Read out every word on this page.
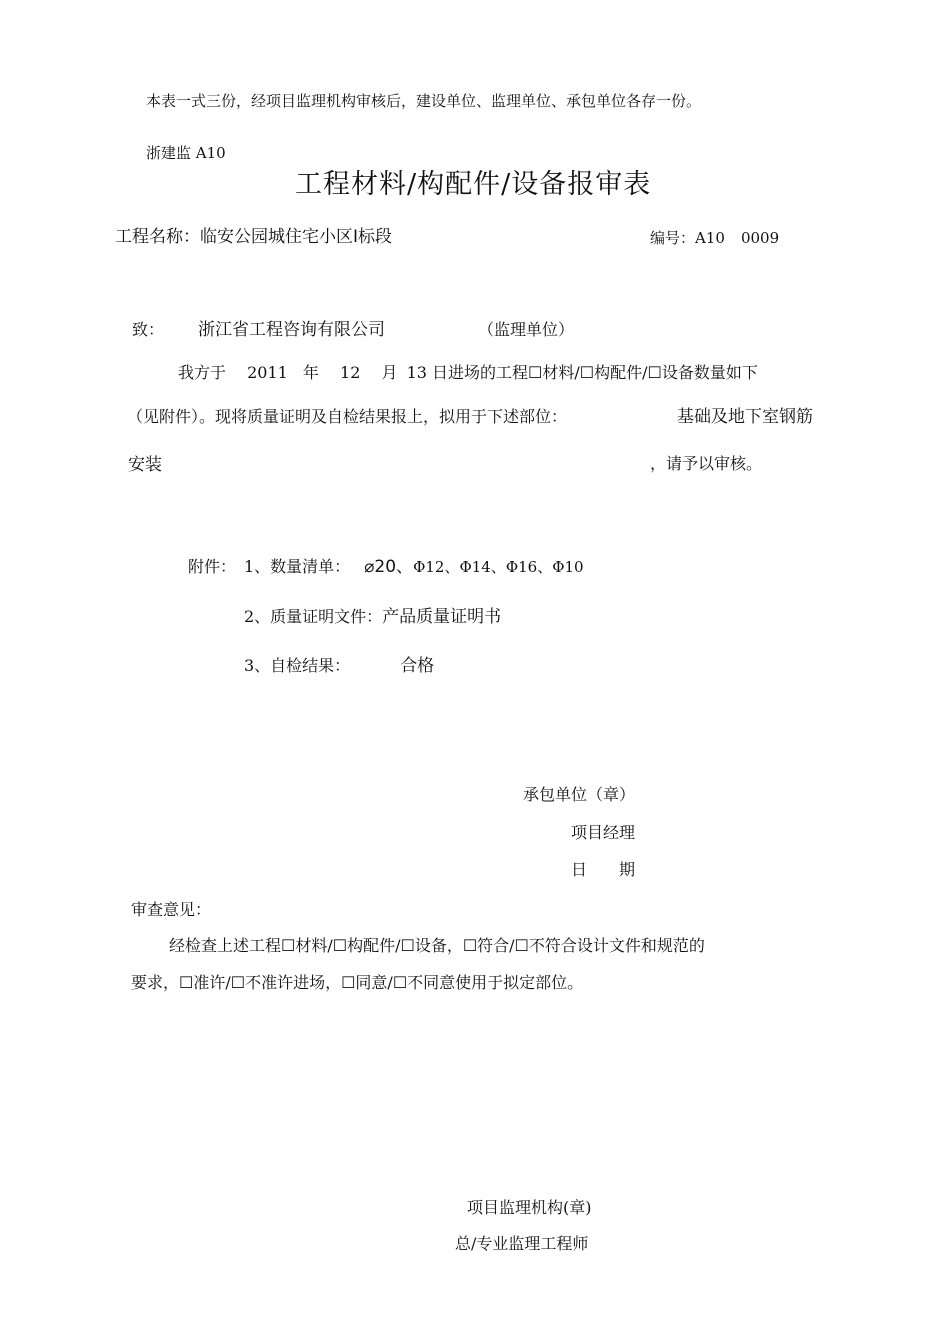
本表一式三份，经项目监理机构审核后，建设单位、监理单位、承包单位各存一份。
浙建监 A10
工程材料/构配件/设备报审表
工程名称：临安公园城住宅小区Ⅰ标段	编号：A10 0009
致： 浙江省工程咨询有限公司	（监理单位）
我方于 2011 年 12 月 13 日进场的工程☐材料/☐构配件/☐设备数量如下
（见附件）。现将质量证明及自检结果报上，拟用于下述部位：	基础及地下室钢筋
安装	，请予以审核。
附件： 1、数量清单： ⌀20、Φ12、Φ14、Φ16、Φ10
2、质量证明文件：产品质量证明书
3、自检结果：	合格
承包单位（章）
项目经理
日　　期
审查意见：
经检查上述工程☐材料/☐构配件/☐设备，☐符合/☐不符合设计文件和规范的
要求，☐准许/☐不准许进场，☐同意/☐不同意使用于拟定部位。
项目监理机构(章)
总/专业监理工程师
